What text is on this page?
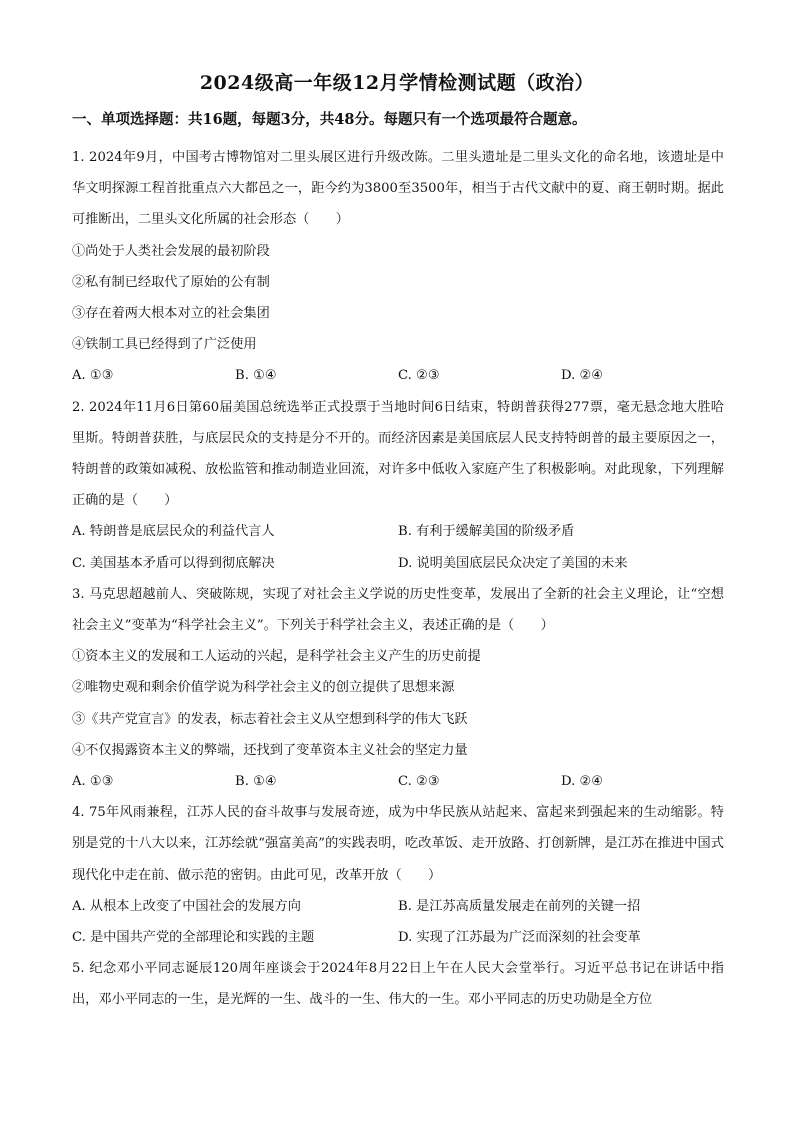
2024级高一年级12月学情检测试题（政治）
一、单项选择题：共16题，每题3分，共48分。每题只有一个选项最符合题意。

1. 2024年9月，中国考古博物馆对二里头展区进行升级改陈。二里头遗址是二里头文化的命名地，该遗址是中华文明探源工程首批重点六大都邑之一，距今约为3800至3500年，相当于古代文献中的夏、商王朝时期。据此可推断出，二里头文化所属的社会形态（　　）

①尚处于人类社会发展的最初阶段

②私有制已经取代了原始的公有制

③存在着两大根本对立的社会集团

④铁制工具已经得到了广泛使用

A. ①③	B. ①④	C. ②③	D. ②④

2. 2024年11月6日第60届美国总统选举正式投票于当地时间6日结束，特朗普获得277票，毫无悬念地大胜哈里斯。特朗普获胜，与底层民众的支持是分不开的。而经济因素是美国底层人民支持特朗普的最主要原因之一，特朗普的政策如减税、放松监管和推动制造业回流，对许多中低收入家庭产生了积极影响。对此现象，下列理解正确的是（　　）

A. 特朗普是底层民众的利益代言人	B. 有利于缓解美国的阶级矛盾
C. 美国基本矛盾可以得到彻底解决	D. 说明美国底层民众决定了美国的未来

3. 马克思超越前人、突破陈规，实现了对社会主义学说的历史性变革，发展出了全新的社会主义理论，让“空想社会主义”变革为“科学社会主义”。下列关于科学社会主义，表述正确的是（　　）

①资本主义的发展和工人运动的兴起，是科学社会主义产生的历史前提

②唯物史观和剩余价值学说为科学社会主义的创立提供了思想来源

③《共产党宣言》的发表，标志着社会主义从空想到科学的伟大飞跃

④不仅揭露资本主义的弊端，还找到了变革资本主义社会的坚定力量

A. ①③	B. ①④	C. ②③	D. ②④

4. 75年风雨兼程，江苏人民的奋斗故事与发展奇迹，成为中华民族从站起来、富起来到强起来的生动缩影。特别是党的十八大以来，江苏绘就“强富美高”的实践表明，吃改革饭、走开放路、打创新牌，是江苏在推进中国式现代化中走在前、做示范的密钥。由此可见，改革开放（　　）

A. 从根本上改变了中国社会的发展方向	B. 是江苏高质量发展走在前列的关键一招
C. 是中国共产党的全部理论和实践的主题	D. 实现了江苏最为广泛而深刻的社会变革

5. 纪念邓小平同志诞辰120周年座谈会于2024年8月22日上午在人民大会堂举行。习近平总书记在讲话中指出，邓小平同志的一生，是光辉的一生、战斗的一生、伟大的一生。邓小平同志的历史功勋是全方位
